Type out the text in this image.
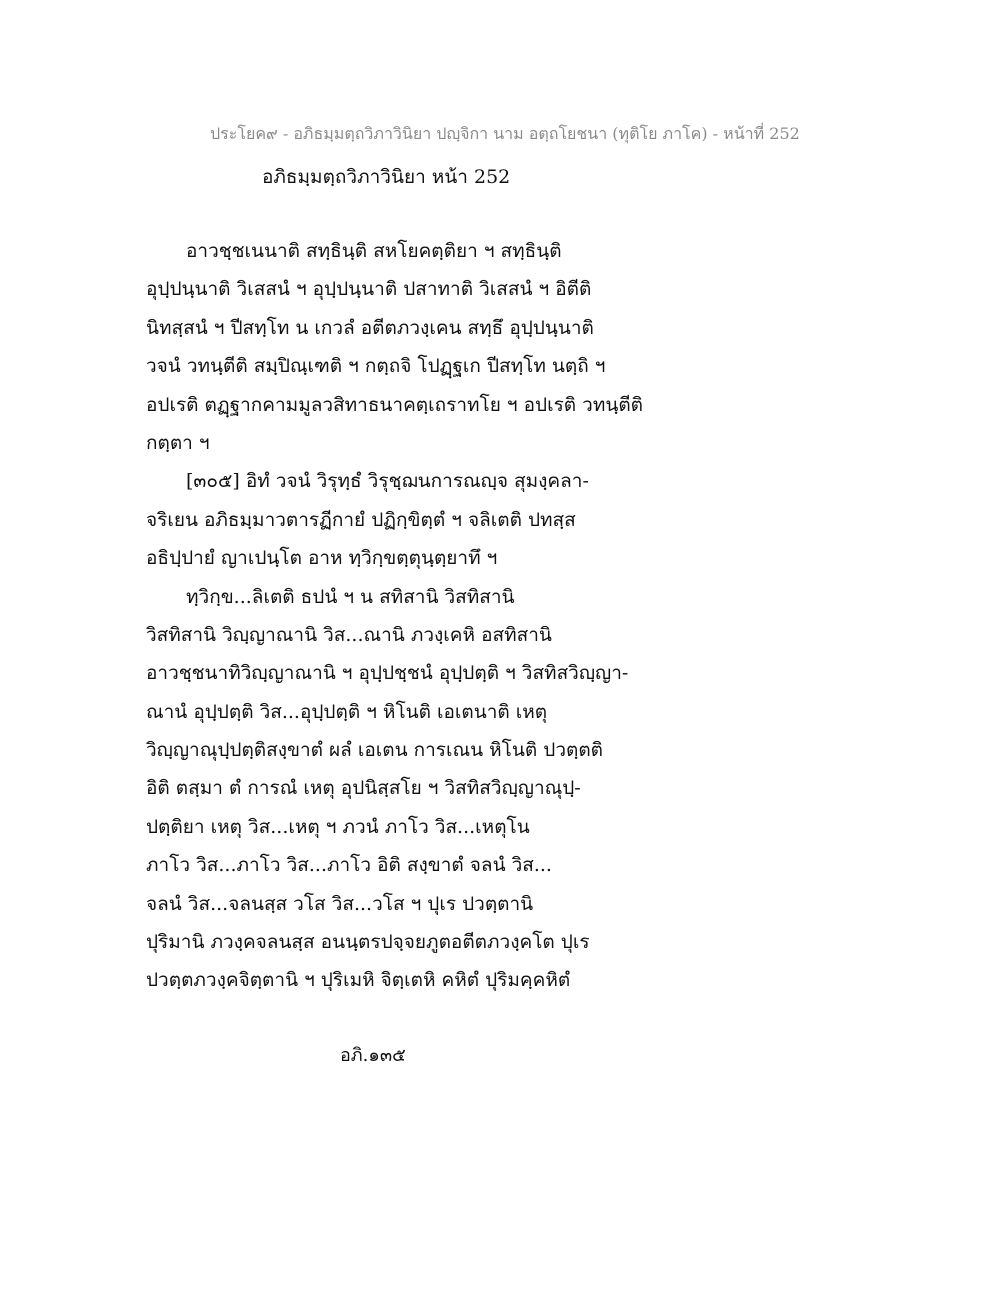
ประโยค๙ - อภิธมฺมตฺถวิภาวินิยา ปญฺจิกา นาม อตฺถโยชนา (ทุติโย ภาโค) - หน้าที่ 252
อภิธมฺมตฺถวิภาวินิยา หน้า 252
อาวชฺชเนนาติ สทฺธินฺติ สหโยคตฺติยา ฯ สทฺธินฺติ
อุปฺปนฺนาติ วิเสสนํ ฯ อุปฺปนฺนาติ ปสาทาติ วิเสสนํ ฯ อิตีติ
นิทสฺสนํ ฯ ปีสทฺโท น เกวลํ อตีตภวงฺเคน สทฺธึ อุปฺปนฺนาติ
วจนํ วทนฺตีติ สมฺปิณฺเฑติ ฯ กตฺถจิ โปฏฺฐเก ปีสทฺโท นตฺถิ ฯ
อปเรติ ตฏฺฐากคามมูลวสิทาธนาคตฺเถราทโย ฯ อปเรติ วทนฺตีติ
กตฺตา ฯ
[๓๐๕] อิทํ วจนํ วิรุทฺธํ วิรุชฺฌนการณญฺจ สุมงฺคลา-
จริเยน อภิธมฺมาวตารฏีกายํ ปฏิกฺขิตฺตํ ฯ จลิเตติ ปทสฺส
อธิปฺปายํ ญาเปนฺโต อาห ทฺวิกฺขตฺตุนฺตฺยาทึ ฯ
ทฺวิกฺข...ลิเตติ ธปนํ ฯ น สทิสานิ วิสทิสานิ
วิสทิสานิ วิญฺญาณานิ วิส...ณานิ ภวงฺเคหิ อสทิสานิ
อาวชฺชนาทิวิญฺญาณานิ ฯ อุปฺปชฺชนํ อุปฺปตฺติ ฯ วิสทิสวิญฺญา-
ณานํ อุปฺปตฺติ วิส...อุปฺปตฺติ ฯ หิโนติ เอเตนาติ เหตุ
วิญฺญาณุปฺปตฺติสงฺขาตํ ผลํ เอเตน การเณน หิโนติ ปวตฺตติ
อิติ ตสฺมา ตํ การณํ เหตุ อุปนิสฺสโย ฯ วิสทิสวิญฺญาณุปฺ-
ปตฺติยา เหตุ วิส...เหตุ ฯ ภวนํ ภาโว วิส...เหตุโน
ภาโว วิส...ภาโว วิส...ภาโว อิติ สงฺขาตํ จลนํ วิส...
จลนํ วิส...จลนสฺส วโส วิส...วโส ฯ ปุเร ปวตฺตานิ
ปุริมานิ ภวงฺคจลนสฺส อนนฺตรปจฺจยภูตอตีตภวงฺคโต ปุเร
ปวตฺตภวงฺคจิตฺตานิ ฯ ปุริเมหิ จิตฺเตหิ คหิตํ ปุริมคฺคหิตํ
อภิ.๑๓๕
